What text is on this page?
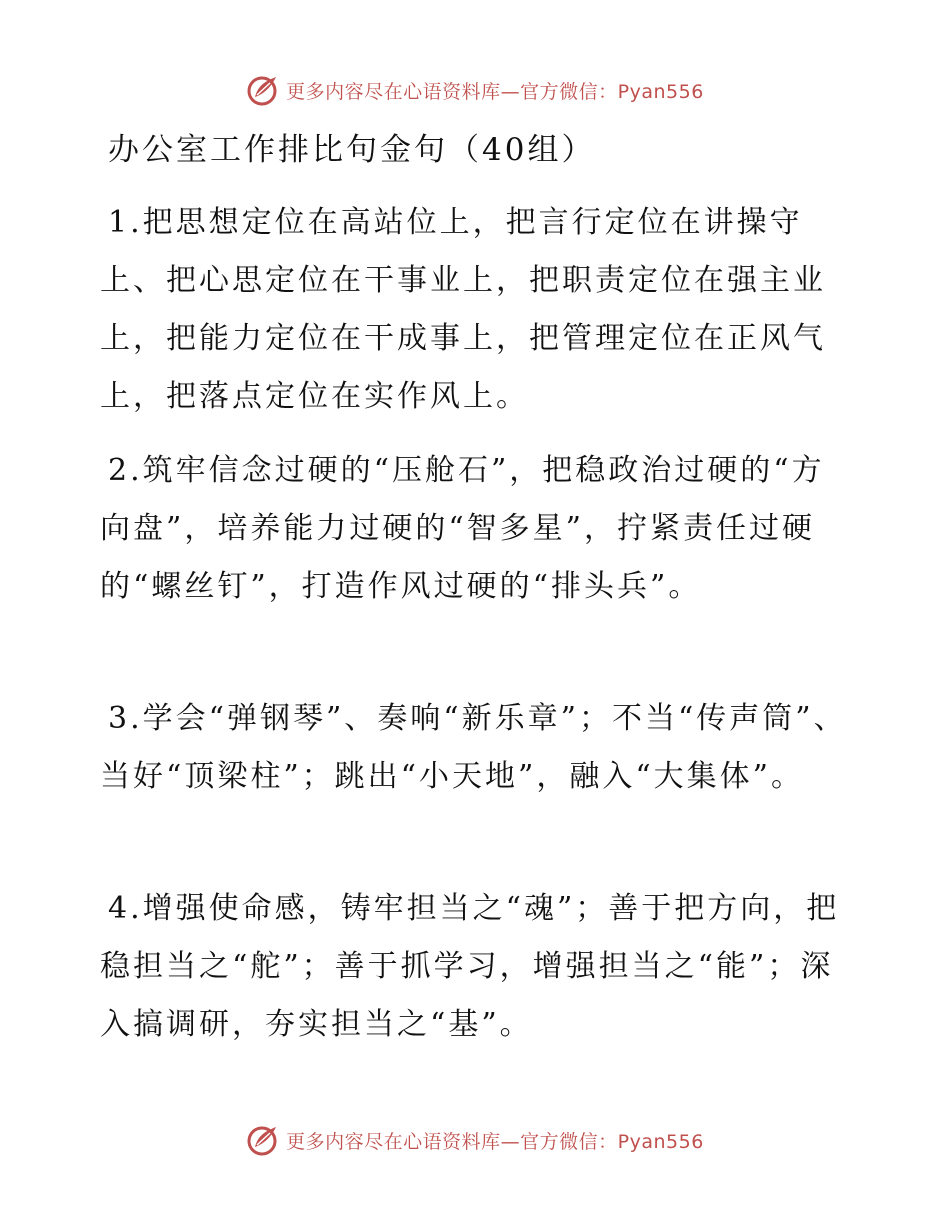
更多内容尽在心语资料库—官方微信：Pyan556
办公室工作排比句金句（40组）

1.把思想定位在高站位上，把言行定位在讲操守上、把心思定位在干事业上，把职责定位在强主业上，把能力定位在干成事上，把管理定位在正风气上，把落点定位在实作风上。

2.筑牢信念过硬的“压舱石”，把稳政治过硬的“方向盘”，培养能力过硬的“智多星”，拧紧责任过硬的“螺丝钉”，打造作风过硬的“排头兵”。

3.学会“弹钢琴”、奏响“新乐章”；不当“传声筒”、当好“顶梁柱”；跳出“小天地”，融入“大集体”。

4.增强使命感，铸牢担当之“魂”；善于把方向，把稳担当之“舵”；善于抓学习，增强担当之“能”；深入搞调研，夯实担当之“基”。

更多内容尽在心语资料库—官方微信：Pyan556
